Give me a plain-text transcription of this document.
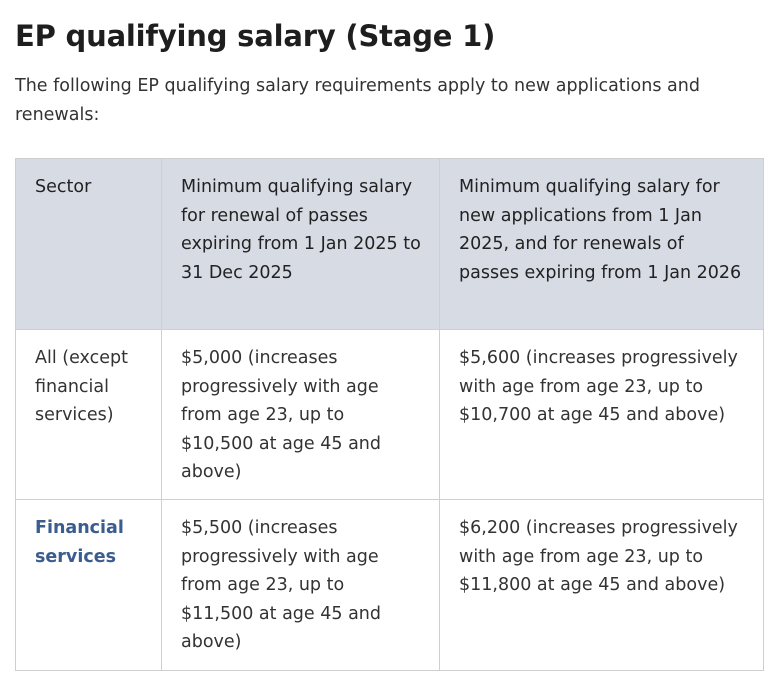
EP qualifying salary (Stage 1)

The following EP qualifying salary requirements apply to new applications and renewals:

Sector	Minimum qualifying salary for renewal of passes expiring from 1 Jan 2025 to 31 Dec 2025	Minimum qualifying salary for new applications from 1 Jan 2025, and for renewals of passes expiring from 1 Jan 2026
All (except financial services)	$5,000 (increases progressively with age from age 23, up to $10,500 at age 45 and above)	$5,600 (increases progressively with age from age 23, up to $10,700 at age 45 and above)
Financial services	$5,500 (increases progressively with age from age 23, up to $11,500 at age 45 and above)	$6,200 (increases progressively with age from age 23, up to $11,800 at age 45 and above)
